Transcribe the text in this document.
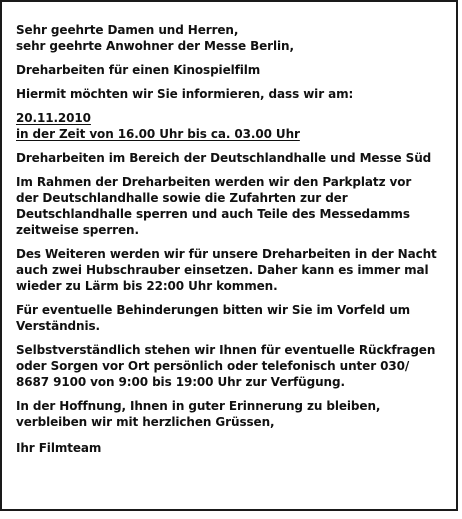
Sehr geehrte Damen und Herren,
sehr geehrte Anwohner der Messe Berlin,
Dreharbeiten für einen Kinospielfilm
Hiermit möchten wir Sie informieren, dass wir am:
20.11.2010
in der Zeit von 16.00 Uhr bis ca. 03.00 Uhr
Dreharbeiten im Bereich der Deutschlandhalle und Messe Süd
Im Rahmen der Dreharbeiten werden wir den Parkplatz vor
der Deutschlandhalle sowie die Zufahrten zur der
Deutschlandhalle sperren und auch Teile des Messedamms
zeitweise sperren.
Des Weiteren werden wir für unsere Dreharbeiten in der Nacht
auch zwei Hubschrauber einsetzen. Daher kann es immer mal
wieder zu Lärm bis 22:00 Uhr kommen.
Für eventuelle Behinderungen bitten wir Sie im Vorfeld um
Verständnis.
Selbstverständlich stehen wir Ihnen für eventuelle Rückfragen
oder Sorgen vor Ort persönlich oder telefonisch unter 030/
8687 9100 von 9:00 bis 19:00 Uhr zur Verfügung.
In der Hoffnung, Ihnen in guter Erinnerung zu bleiben,
verbleiben wir mit herzlichen Grüssen,
Ihr Filmteam
